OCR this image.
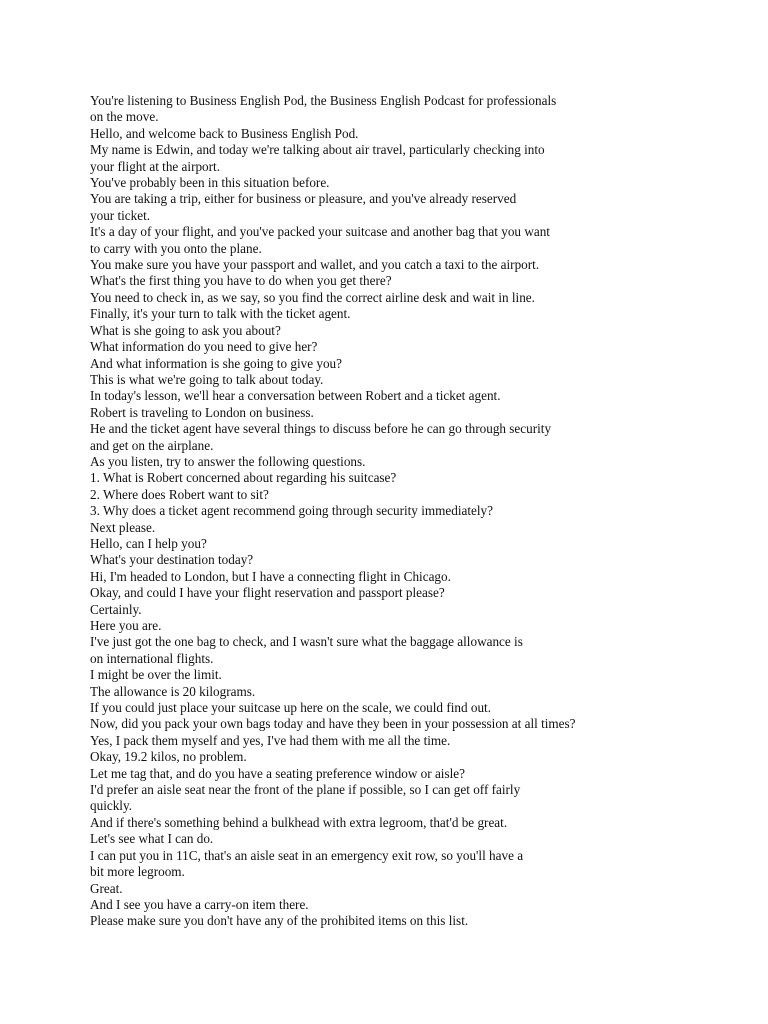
You're listening to Business English Pod, the Business English Podcast for professionals
on the move.
Hello, and welcome back to Business English Pod.
My name is Edwin, and today we're talking about air travel, particularly checking into
your flight at the airport.
You've probably been in this situation before.
You are taking a trip, either for business or pleasure, and you've already reserved
your ticket.
It's a day of your flight, and you've packed your suitcase and another bag that you want
to carry with you onto the plane.
You make sure you have your passport and wallet, and you catch a taxi to the airport.
What's the first thing you have to do when you get there?
You need to check in, as we say, so you find the correct airline desk and wait in line.
Finally, it's your turn to talk with the ticket agent.
What is she going to ask you about?
What information do you need to give her?
And what information is she going to give you?
This is what we're going to talk about today.
In today's lesson, we'll hear a conversation between Robert and a ticket agent.
Robert is traveling to London on business.
He and the ticket agent have several things to discuss before he can go through security
and get on the airplane.
As you listen, try to answer the following questions.
1. What is Robert concerned about regarding his suitcase?
2. Where does Robert want to sit?
3. Why does a ticket agent recommend going through security immediately?
Next please.
Hello, can I help you?
What's your destination today?
Hi, I'm headed to London, but I have a connecting flight in Chicago.
Okay, and could I have your flight reservation and passport please?
Certainly.
Here you are.
I've just got the one bag to check, and I wasn't sure what the baggage allowance is
on international flights.
I might be over the limit.
The allowance is 20 kilograms.
If you could just place your suitcase up here on the scale, we could find out.
Now, did you pack your own bags today and have they been in your possession at all times?
Yes, I pack them myself and yes, I've had them with me all the time.
Okay, 19.2 kilos, no problem.
Let me tag that, and do you have a seating preference window or aisle?
I'd prefer an aisle seat near the front of the plane if possible, so I can get off fairly
quickly.
And if there's something behind a bulkhead with extra legroom, that'd be great.
Let's see what I can do.
I can put you in 11C, that's an aisle seat in an emergency exit row, so you'll have a
bit more legroom.
Great.
And I see you have a carry-on item there.
Please make sure you don't have any of the prohibited items on this list.
